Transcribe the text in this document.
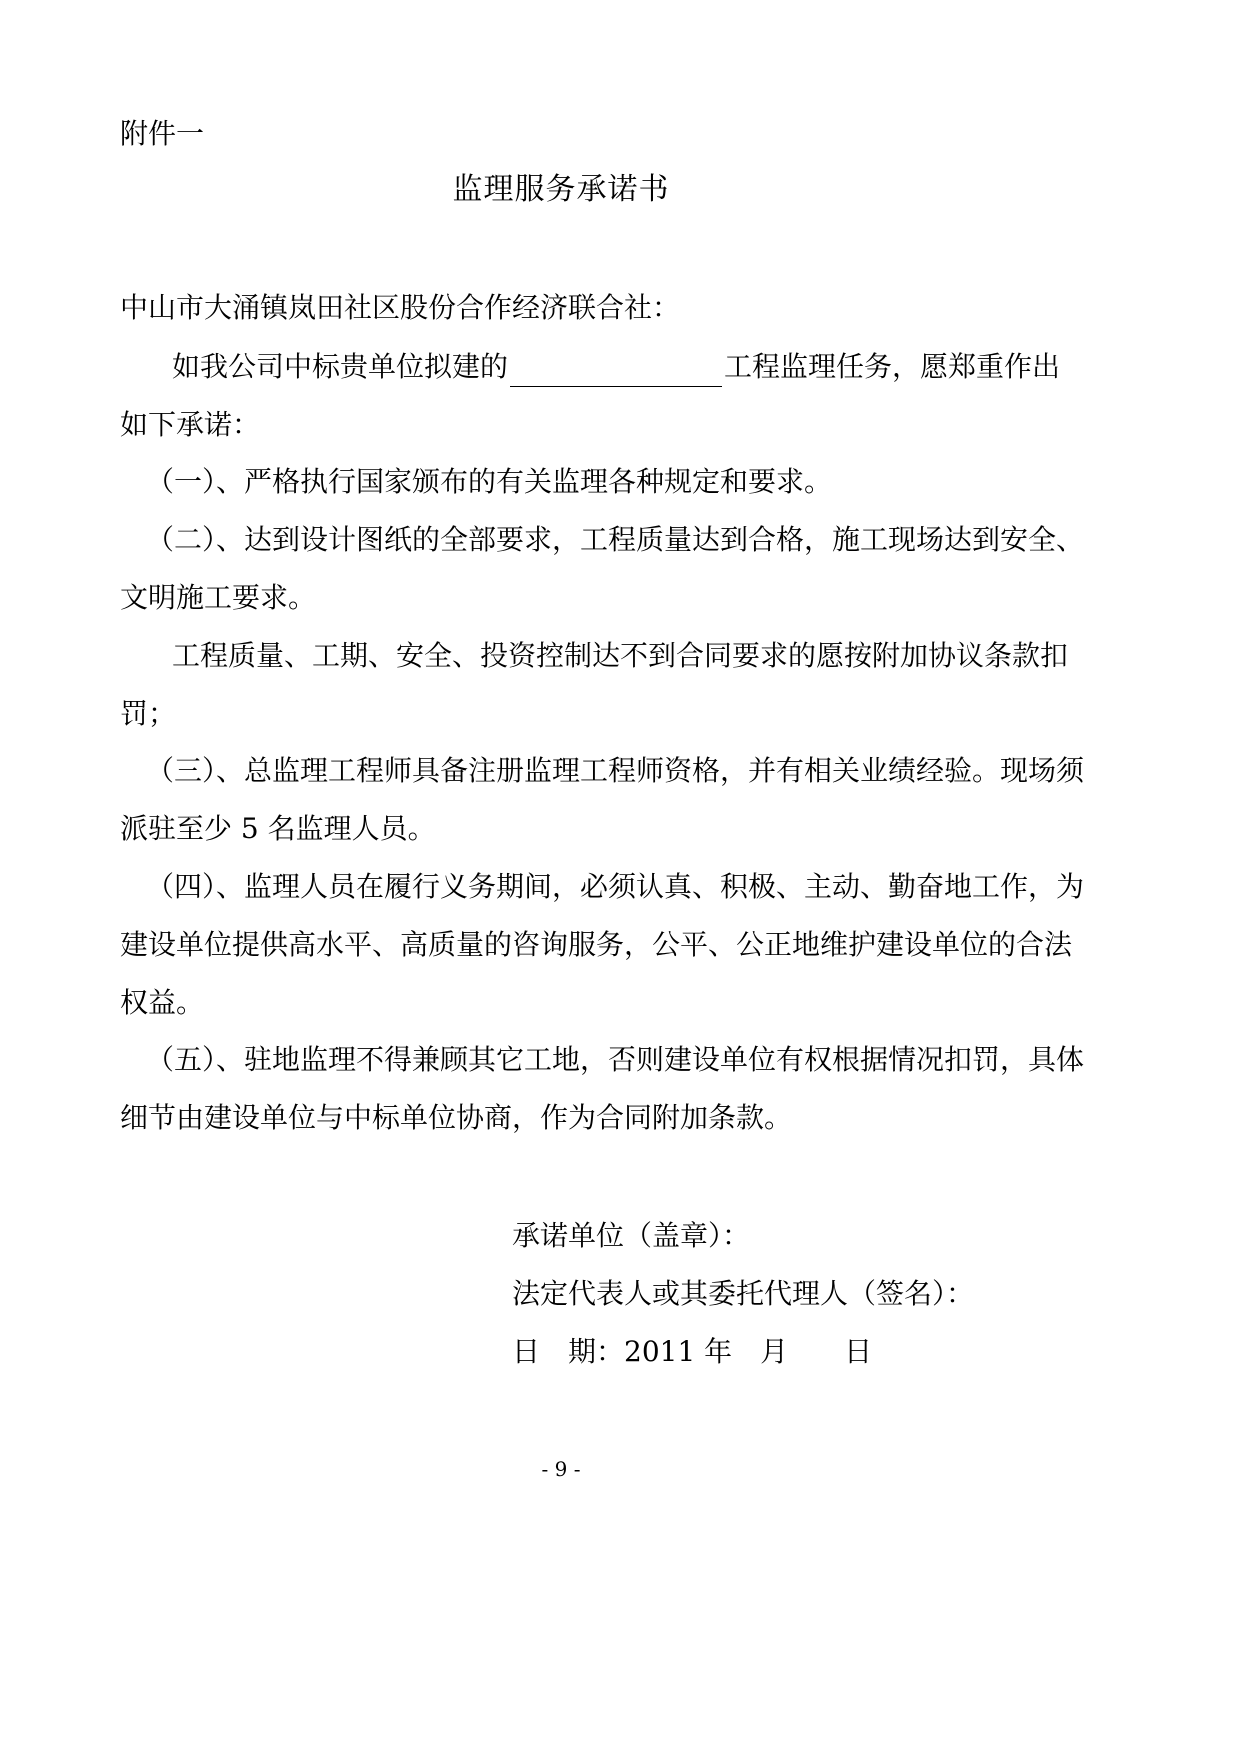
附件一
监理服务承诺书
中山市大涌镇岚田社区股份合作经济联合社：
如我公司中标贵单位拟建的	工程监理任务，愿郑重作出
如下承诺：
（一）、严格执行国家颁布的有关监理各种规定和要求。
（二）、达到设计图纸的全部要求，工程质量达到合格，施工现场达到安全、
文明施工要求。
工程质量、工期、安全、投资控制达不到合同要求的愿按附加协议条款扣
罚；
（三）、总监理工程师具备注册监理工程师资格，并有相关业绩经验。现场须
派驻至少 5 名监理人员。
（四）、监理人员在履行义务期间，必须认真、积极、主动、勤奋地工作，为
建设单位提供高水平、高质量的咨询服务，公平、公正地维护建设单位的合法
权益。
（五）、驻地监理不得兼顾其它工地，否则建设单位有权根据情况扣罚，具体
细节由建设单位与中标单位协商，作为合同附加条款。
承诺单位（盖章）：
法定代表人或其委托代理人（签名）：
日　期：2011 年　月　　日
- 9 -
